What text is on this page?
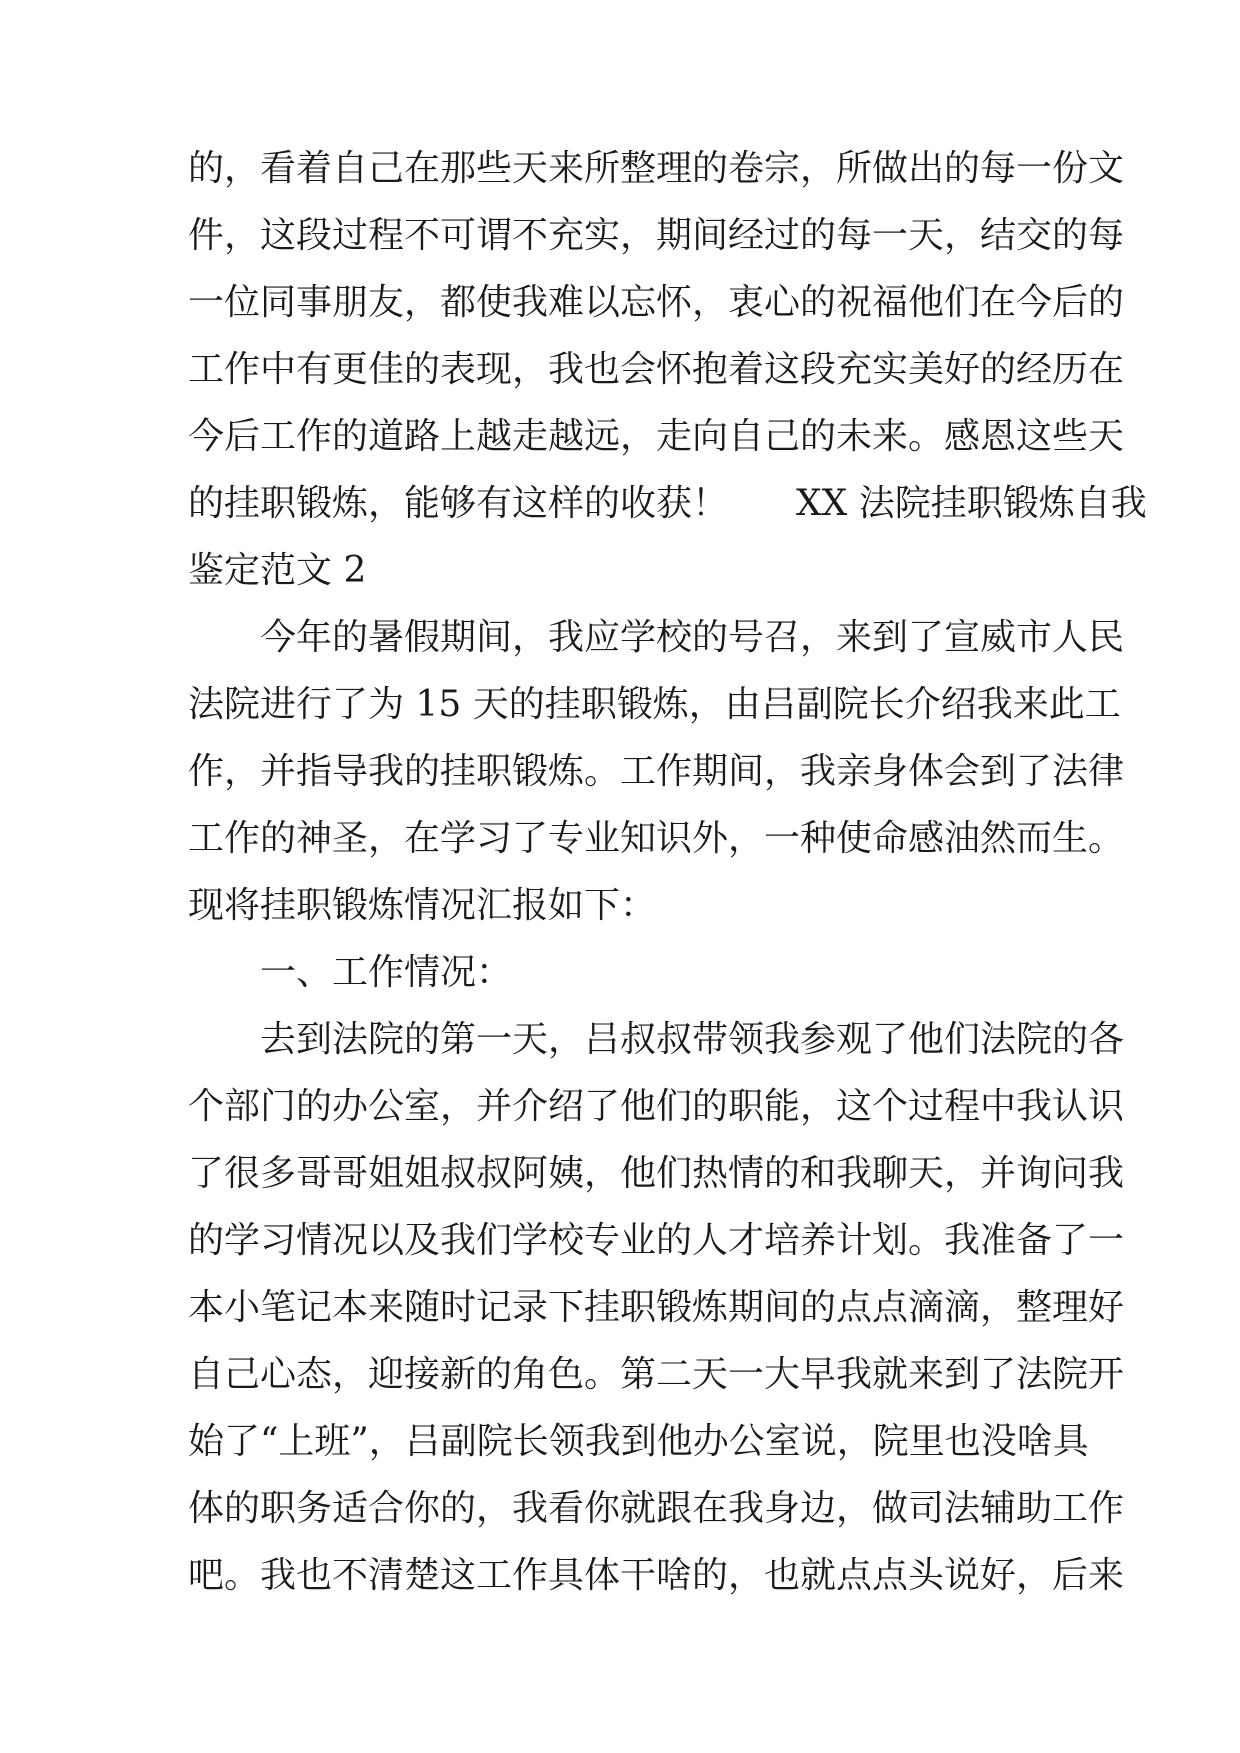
的，看着自己在那些天来所整理的卷宗，所做出的每一份文
件，这段过程不可谓不充实，期间经过的每一天，结交的每
一位同事朋友，都使我难以忘怀，衷心的祝福他们在今后的
工作中有更佳的表现，我也会怀抱着这段充实美好的经历在
今后工作的道路上越走越远，走向自己的未来。感恩这些天
的挂职锻炼，能够有这样的收获！ XX 法院挂职锻炼自我
鉴定范文 2
今年的暑假期间，我应学校的号召，来到了宣威市人民
法院进行了为 15 天的挂职锻炼，由吕副院长介绍我来此工
作，并指导我的挂职锻炼。工作期间，我亲身体会到了法律
工作的神圣，在学习了专业知识外，一种使命感油然而生。
现将挂职锻炼情况汇报如下：
一、工作情况：
去到法院的第一天，吕叔叔带领我参观了他们法院的各
个部门的办公室，并介绍了他们的职能，这个过程中我认识
了很多哥哥姐姐叔叔阿姨，他们热情的和我聊天，并询问我
的学习情况以及我们学校专业的人才培养计划。我准备了一
本小笔记本来随时记录下挂职锻炼期间的点点滴滴，整理好
自己心态，迎接新的角色。第二天一大早我就来到了法院开
始了“上班”，吕副院长领我到他办公室说，院里也没啥具
体的职务适合你的，我看你就跟在我身边，做司法辅助工作
吧。我也不清楚这工作具体干啥的，也就点点头说好，后来
